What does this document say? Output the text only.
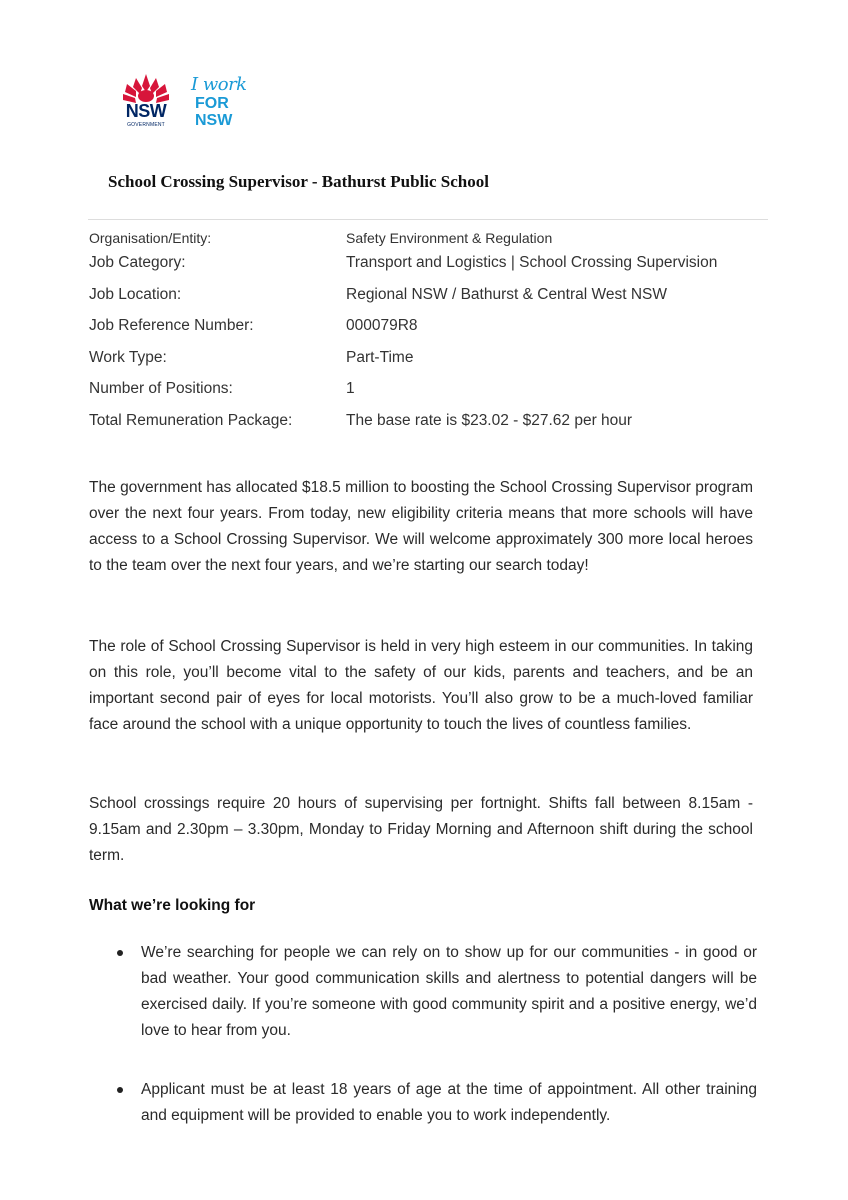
NSW
GOVERNMENT
I work
FOR
NSW
School Crossing Supervisor - Bathurst Public School
Organisation/Entity:	Safety Environment & Regulation
Job Category:	Transport and Logistics | School Crossing Supervision
Job Location:	Regional NSW / Bathurst & Central West NSW
Job Reference Number:	000079R8
Work Type:	Part-Time
Number of Positions:	1
Total Remuneration Package:	The base rate is $23.02 - $27.62 per hour
The government has allocated $18.5 million to boosting the School Crossing Supervisor program over the next four years. From today, new eligibility criteria means that more schools will have access to a School Crossing Supervisor. We will welcome approximately 300 more local heroes to the team over the next four years, and we’re starting our search today!
The role of School Crossing Supervisor is held in very high esteem in our communities. In taking on this role, you’ll become vital to the safety of our kids, parents and teachers, and be an important second pair of eyes for local motorists. You’ll also grow to be a much-loved familiar face around the school with a unique opportunity to touch the lives of countless families.
School crossings require 20 hours of supervising per fortnight. Shifts fall between 8.15am - 9.15am and 2.30pm – 3.30pm, Monday to Friday Morning and Afternoon shift during the school term.
What we’re looking for
We’re searching for people we can rely on to show up for our communities - in good or bad weather. Your good communication skills and alertness to potential dangers will be exercised daily. If you’re someone with good community spirit and a positive energy, we’d love to hear from you.
Applicant must be at least 18 years of age at the time of appointment. All other training and equipment will be provided to enable you to work independently.
